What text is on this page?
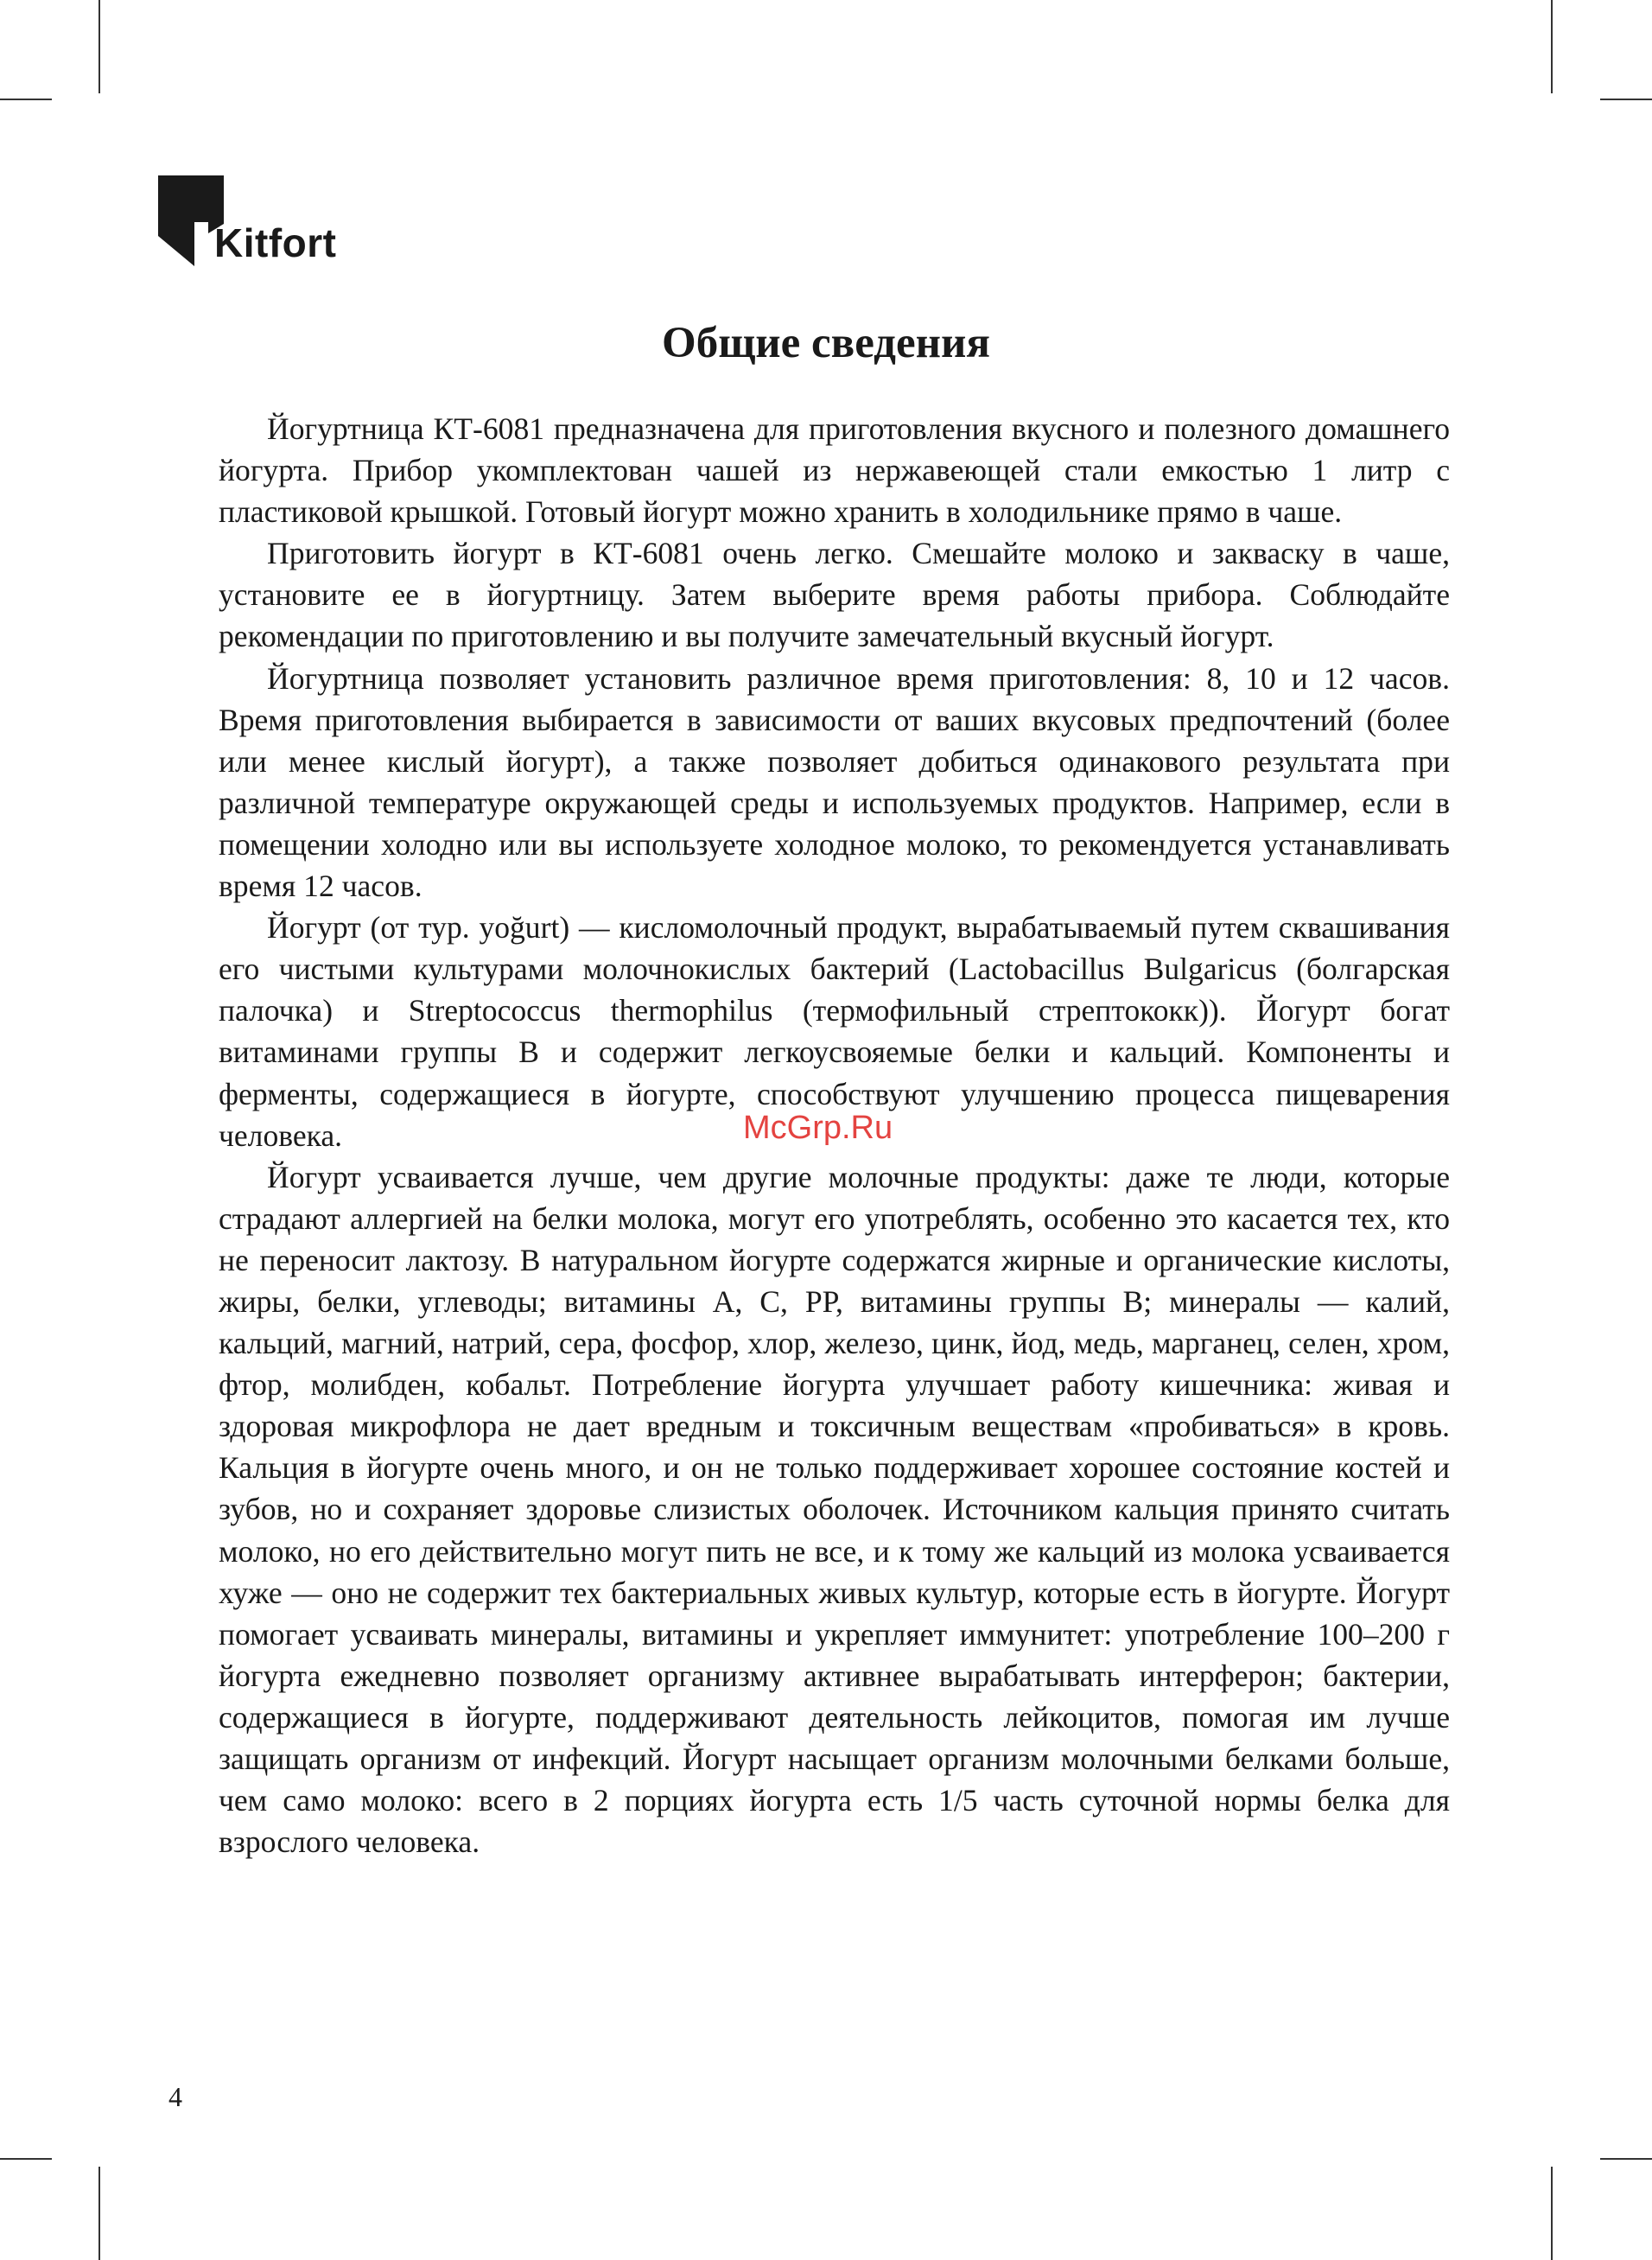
Kitfort
Общие сведения

Йогуртница КТ-6081 предназначена для приготовления вкусного и полезного домашнего йогурта. Прибор укомплектован чашей из нержавеющей стали емкостью 1 литр с пластиковой крышкой. Готовый йогурт можно хранить в холодильнике прямо в чаше.

Приготовить йогурт в КТ-6081 очень легко. Смешайте молоко и закваску в чаше, установите ее в йогуртницу. Затем выберите время работы прибора. Соблюдайте рекомендации по приготовлению и вы получите замечательный вкусный йогурт.

Йогуртница позволяет установить различное время приготовления: 8, 10 и 12 часов. Время приготовления выбирается в зависимости от ваших вкусовых предпочтений (более или менее кислый йогурт), а также позволяет добиться одинакового результата при различной температуре окружающей среды и используемых продуктов. Например, если в помещении холодно или вы используете холодное молоко, то рекомендуется устанавливать время 12 часов.

Йогурт (от тур. yoğurt) — кисломолочный продукт, вырабатываемый путем сквашивания его чистыми культурами молочнокислых бактерий (Lactobacillus Bulgaricus (болгарская палочка) и Streptococcus thermophilus (термофильный стрептококк)). Йогурт богат витаминами группы В и содержит легкоусвояемые белки и кальций. Компоненты и ферменты, содержащиеся в йогурте, способствуют улучшению процесса пищеварения человека.

Йогурт усваивается лучше, чем другие молочные продукты: даже те люди, которые страдают аллергией на белки молока, могут его употреблять, особенно это касается тех, кто не переносит лактозу. В натуральном йогурте содержатся жирные и органические кислоты, жиры, белки, углеводы; витамины А, С, РР, витамины группы В; минералы — калий, кальций, магний, натрий, сера, фосфор, хлор, железо, цинк, йод, медь, марганец, селен, хром, фтор, молибден, кобальт. Потребление йогурта улучшает работу кишечника: живая и здоровая микрофлора не дает вредным и токсичным веществам «пробиваться» в кровь. Кальция в йогурте очень много, и он не только поддерживает хорошее состояние костей и зубов, но и сохраняет здоровье слизистых оболочек. Источником кальция принято считать молоко, но его действительно могут пить не все, и к тому же кальций из молока усваивается хуже — оно не содержит тех бактериальных живых культур, которые есть в йогурте. Йогурт помогает усваивать минералы, витамины и укрепляет иммунитет: употребление 100–200 г йогурта ежедневно позволяет организму активнее вырабатывать интерферон; бактерии, содержащиеся в йогурте, поддерживают деятельность лейкоцитов, помогая им лучше защищать организм от инфекций. Йогурт насыщает организм молочными белками больше, чем само молоко: всего в 2 порциях йогурта есть 1/5 часть суточной нормы белка для взрослого человека.

McGrp.Ru
4
